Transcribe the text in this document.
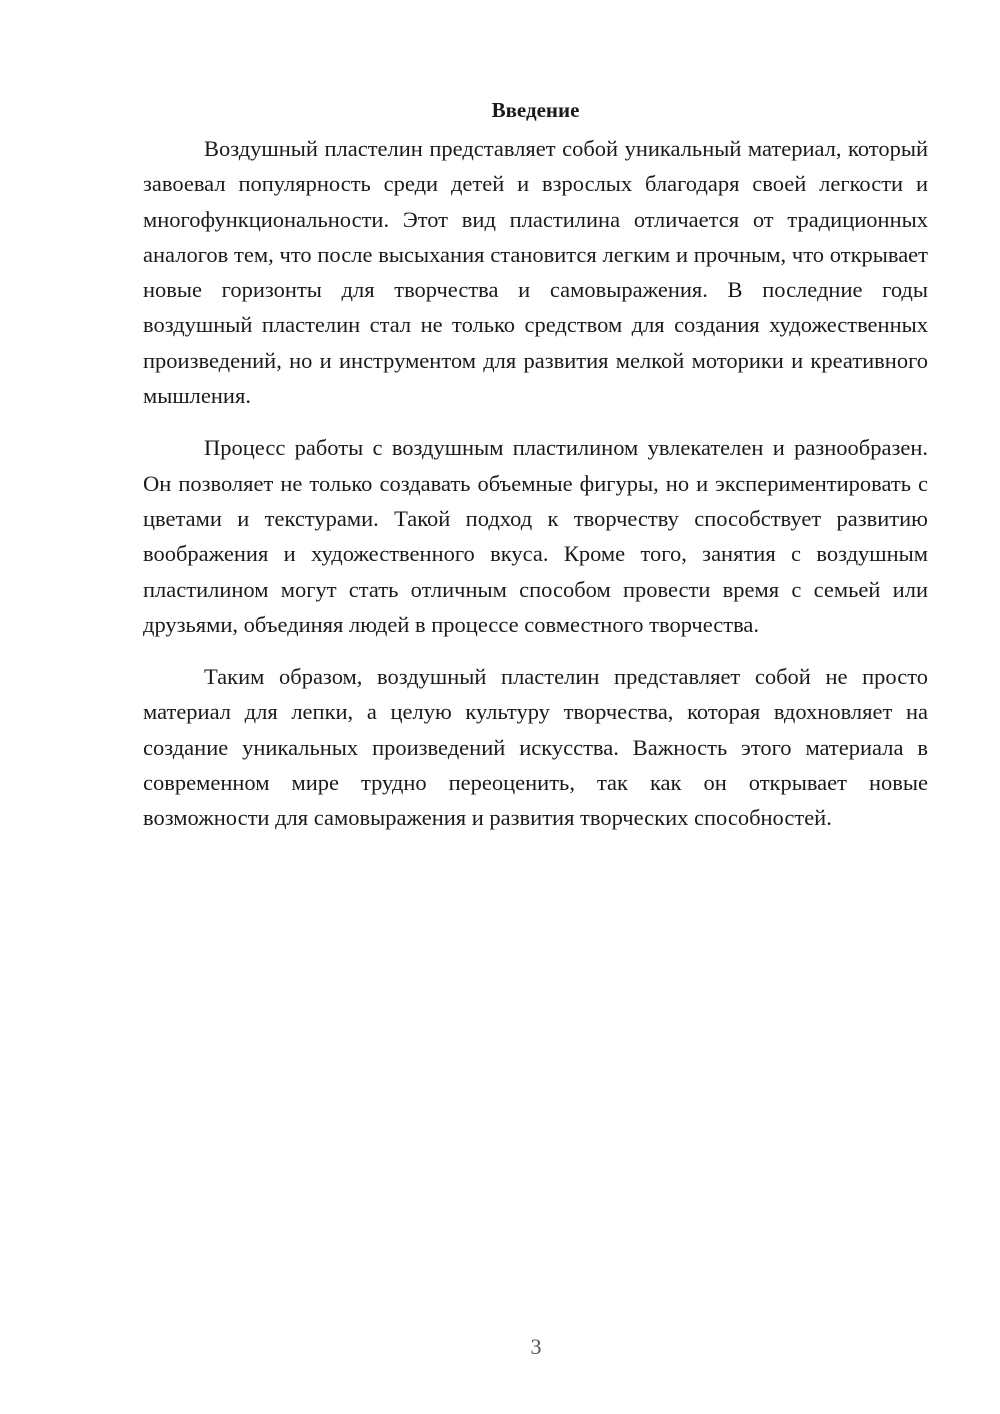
Введение

Воздушный пластелин представляет собой уникальный материал, который завоевал популярность среди детей и взрослых благодаря своей легкости и многофункциональности. Этот вид пластилина отличается от традиционных аналогов тем, что после высыхания становится легким и прочным, что открывает новые горизонты для творчества и самовыражения. В последние годы воздушный пластелин стал не только средством для создания художественных произведений, но и инструментом для развития мелкой моторики и креативного мышления.

Процесс работы с воздушным пластилином увлекателен и разнообразен. Он позволяет не только создавать объемные фигуры, но и экспериментировать с цветами и текстурами. Такой подход к творчеству способствует развитию воображения и художественного вкуса. Кроме того, занятия с воздушным пластилином могут стать отличным способом провести время с семьей или друзьями, объединяя людей в процессе совместного творчества.

Таким образом, воздушный пластелин представляет собой не просто материал для лепки, а целую культуру творчества, которая вдохновляет на создание уникальных произведений искусства. Важность этого материала в современном мире трудно переоценить, так как он открывает новые возможности для самовыражения и развития творческих способностей.

3
